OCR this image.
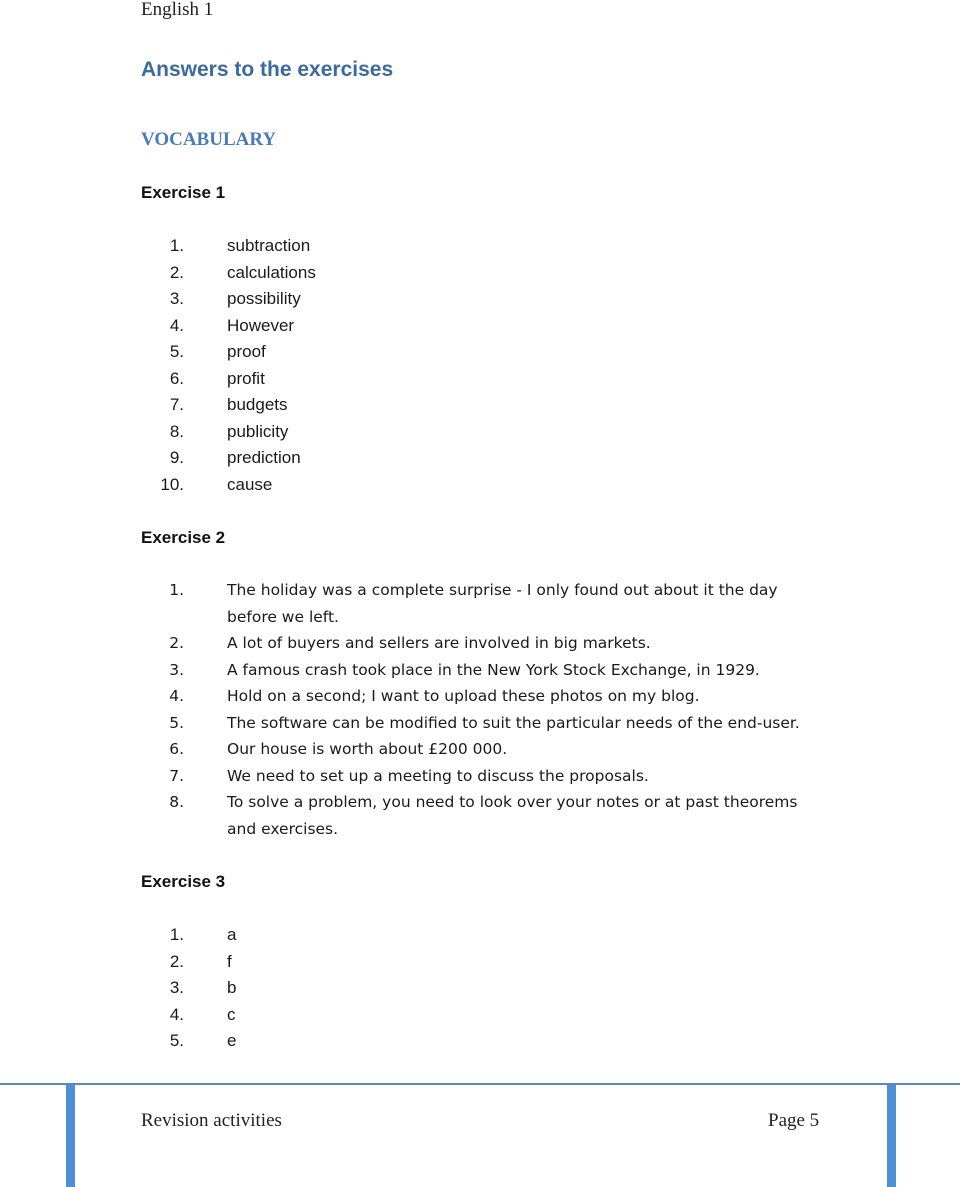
English 1
Answers to the exercises
VOCABULARY
Exercise 1
1.	subtraction
2.	calculations
3.	possibility
4.	However
5.	proof
6.	profit
7.	budgets
8.	publicity
9.	prediction
10.	cause
Exercise 2
1.	The holiday was a complete surprise - I only found out about it the day before we left.
2.	A lot of buyers and sellers are involved in big markets.
3.	A famous crash took place in the New York Stock Exchange, in 1929.
4.	Hold on a second; I want to upload these photos on my blog.
5.	The software can be modified to suit the particular needs of the end-user.
6.	Our house is worth about £200 000.
7.	We need to set up a meeting to discuss the proposals.
8.	To solve a problem, you need to look over your notes or at past theorems and exercises.
Exercise 3
1.	a
2.	f
3.	b
4.	c
5.	e
Revision activities	Page 5
